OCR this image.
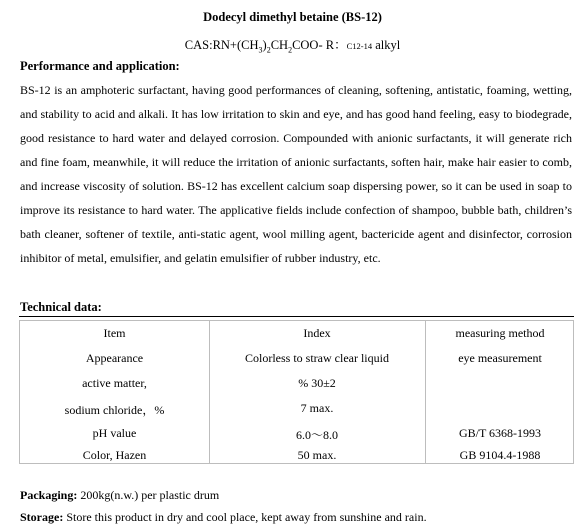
Dodecyl dimethyl betaine (BS-12)
$CAS:RN+(CH_3)_2CH_2COO-$ R：C12-14 alkyl
Performance and application:
BS-12 is an amphoteric surfactant, having good performances of cleaning, softening, antistatic, foaming, wetting, and stability to acid and alkali. It has low irritation to skin and eye, and has good hand feeling, easy to biodegrade, good resistance to hard water and delayed corrosion. Compounded with anionic surfactants, it will generate rich and fine foam, meanwhile, it will reduce the irritation of anionic surfactants, soften hair, make hair easier to comb, and increase viscosity of solution. BS-12 has excellent calcium soap dispersing power, so it can be used in soap to improve its resistance to hard water. The applicative fields include confection of shampoo, bubble bath, children’s bath cleaner, softener of textile, anti-static agent, wool milling agent, bactericide agent and disinfector, corrosion inhibitor of metal, emulsifier, and gelatin emulsifier of rubber industry, etc.
Technical data:
Item	Index	measuring method
Appearance	Colorless to straw clear liquid	eye measurement
active matter,	% 30±2
sodium chloride，%	7 max.
pH value	6.0～8.0	GB/T 6368-1993
Color, Hazen	50 max.	GB 9104.4-1988
Packaging: 200kg(n.w.) per plastic drum
Storage: Store this product in dry and cool place, kept away from sunshine and rain.
